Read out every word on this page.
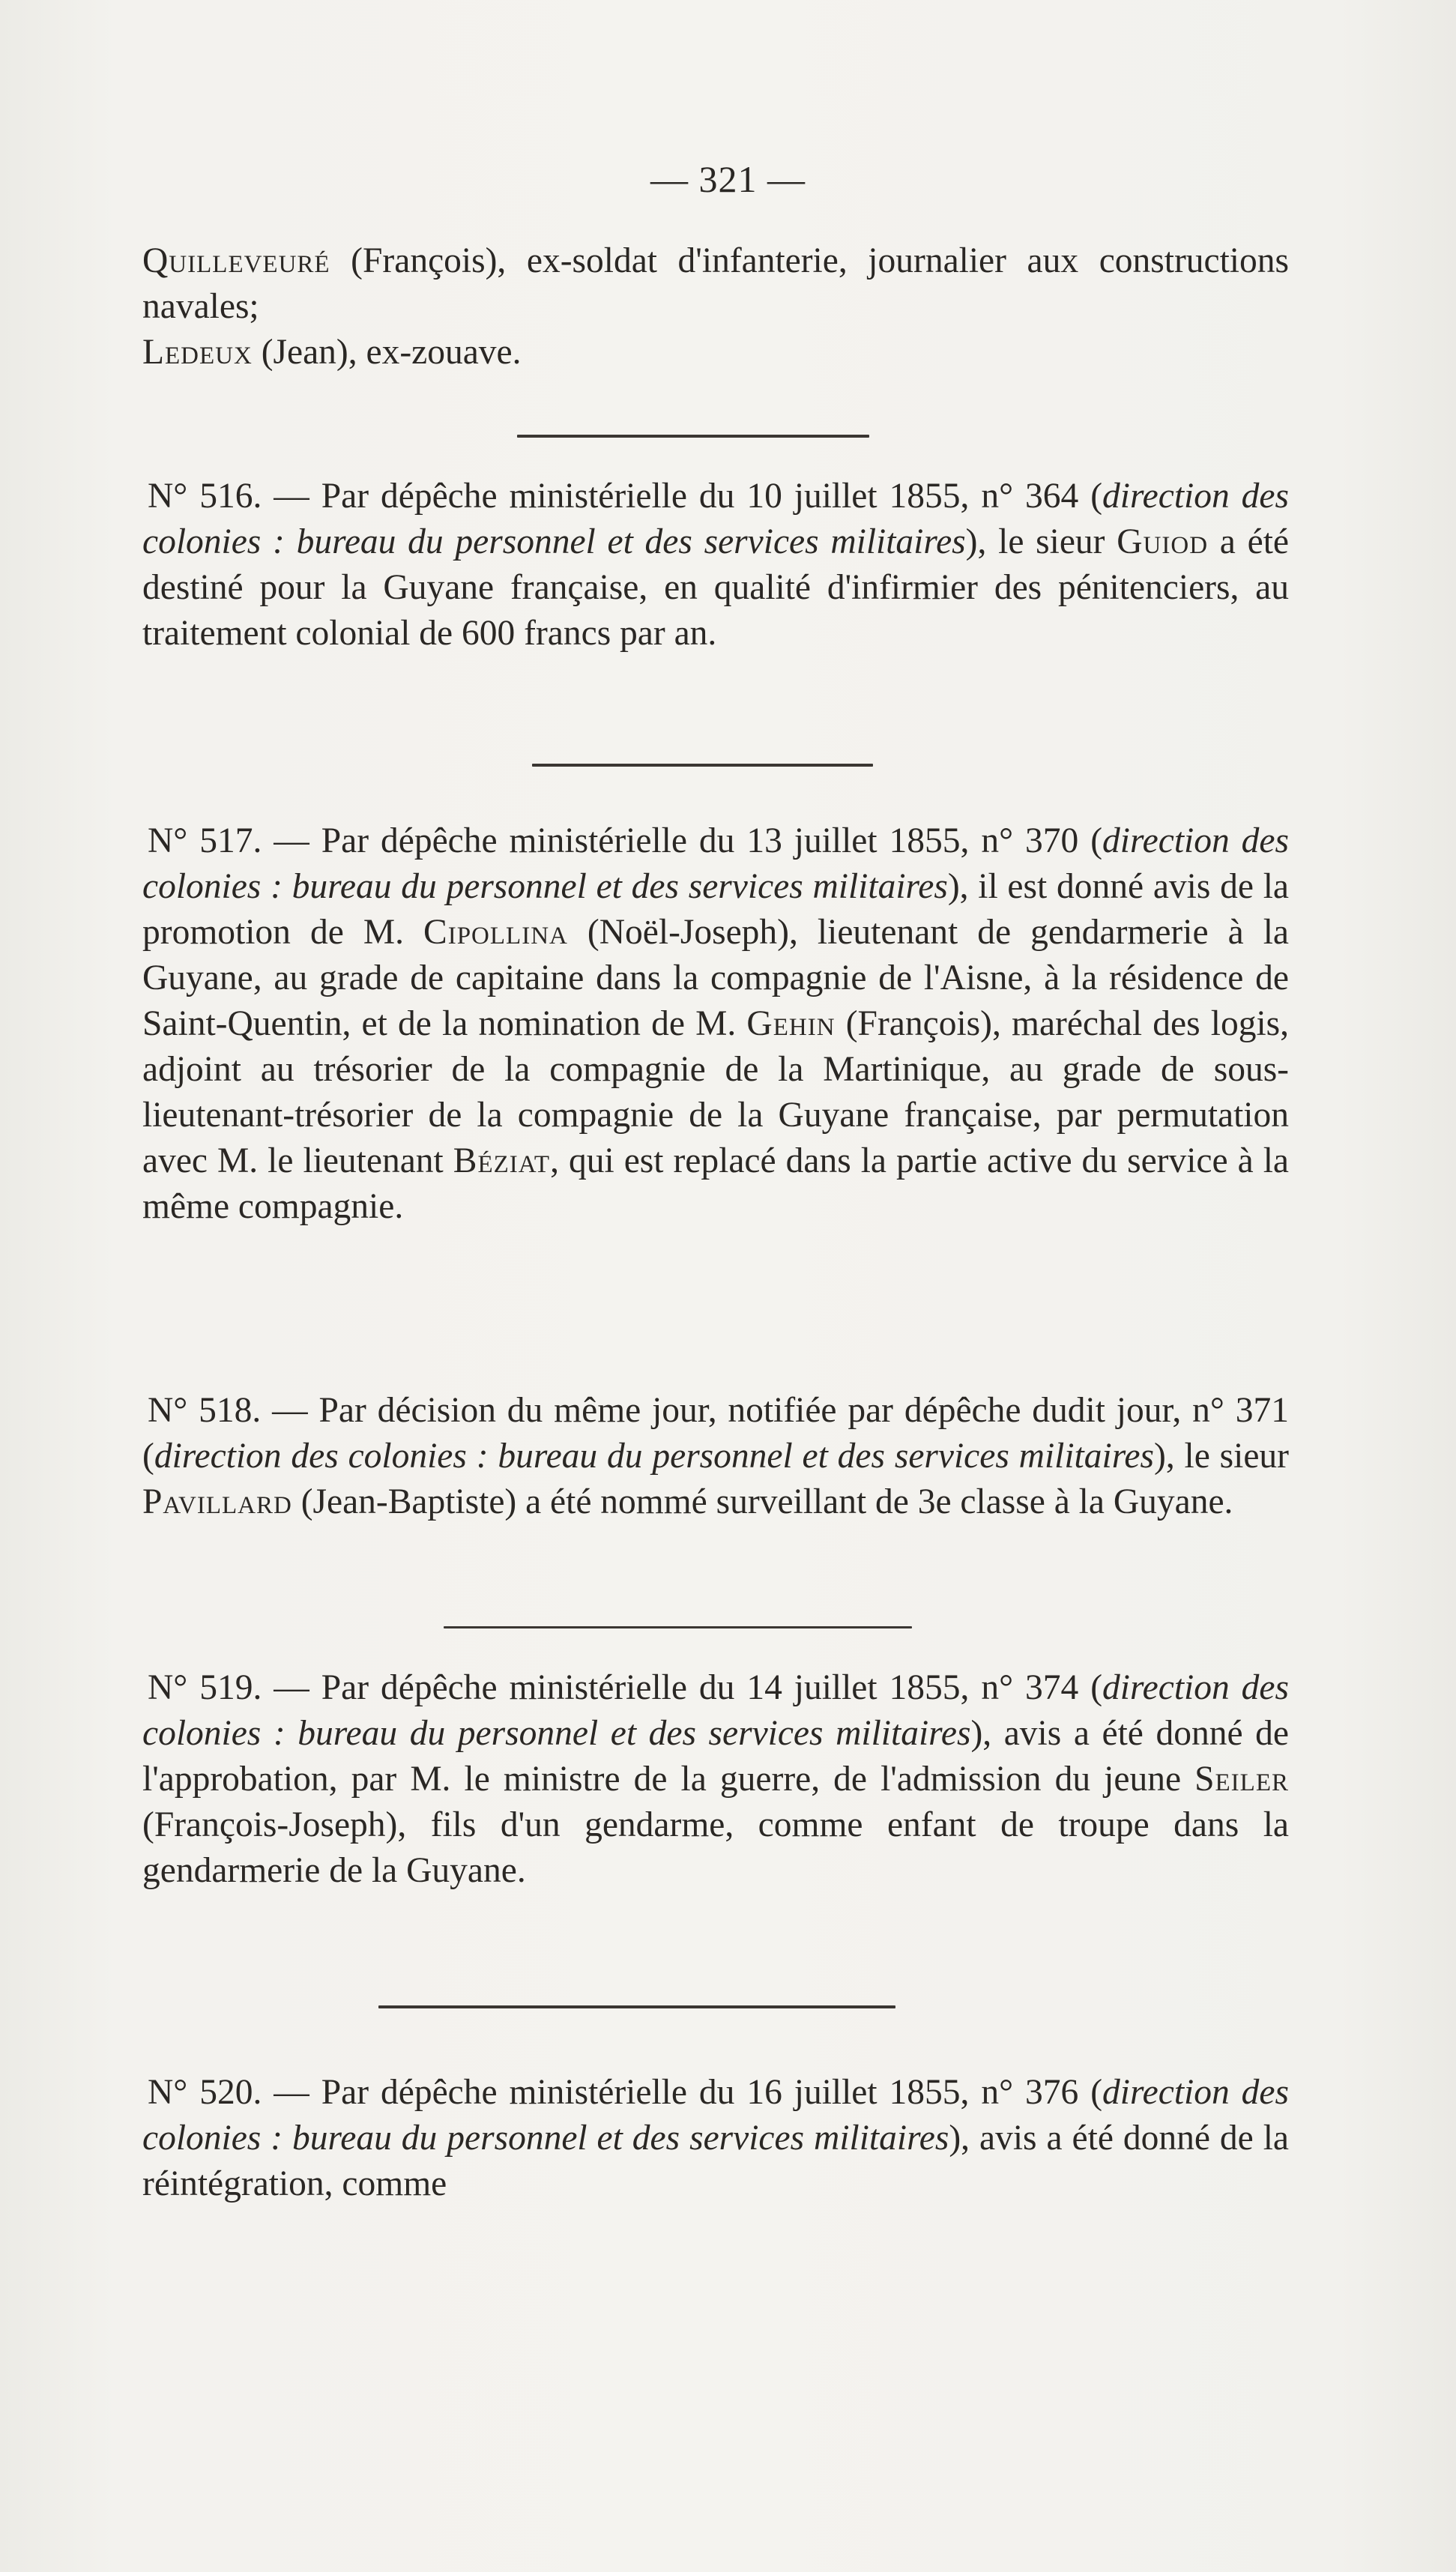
— 321 —

Quilleveuré (François), ex-soldat d'infanterie, journalier aux constructions navales;

Ledeux (Jean), ex-zouave.

N° 516. — Par dépêche ministérielle du 10 juillet 1855, n° 364 (direction des colonies : bureau du personnel et des services militaires), le sieur Guiod a été destiné pour la Guyane française, en qualité d'infirmier des pénitenciers, au traitement colonial de 600 francs par an.

N° 517. — Par dépêche ministérielle du 13 juillet 1855, n° 370 (direction des colonies : bureau du personnel et des services militaires), il est donné avis de la promotion de M. Cipollina (Noël-Joseph), lieutenant de gendarmerie à la Guyane, au grade de capitaine dans la compagnie de l'Aisne, à la résidence de Saint-Quentin, et de la nomination de M. Gehin (François), maréchal des logis, adjoint au trésorier de la compagnie de la Martinique, au grade de sous-lieutenant-trésorier de la compagnie de la Guyane française, par permutation avec M. le lieutenant Béziat, qui est replacé dans la partie active du service à la même compagnie.

N° 518. — Par décision du même jour, notifiée par dépêche dudit jour, n° 371 (direction des colonies : bureau du personnel et des services militaires), le sieur Pavillard (Jean-Baptiste) a été nommé surveillant de 3e classe à la Guyane.

N° 519. — Par dépêche ministérielle du 14 juillet 1855, n° 374 (direction des colonies : bureau du personnel et des services militaires), avis a été donné de l'approbation, par M. le ministre de la guerre, de l'admission du jeune Seiler (François-Joseph), fils d'un gendarme, comme enfant de troupe dans la gendarmerie de la Guyane.

N° 520. — Par dépêche ministérielle du 16 juillet 1855, n° 376 (direction des colonies : bureau du personnel et des services militaires), avis a été donné de la réintégration, comme
